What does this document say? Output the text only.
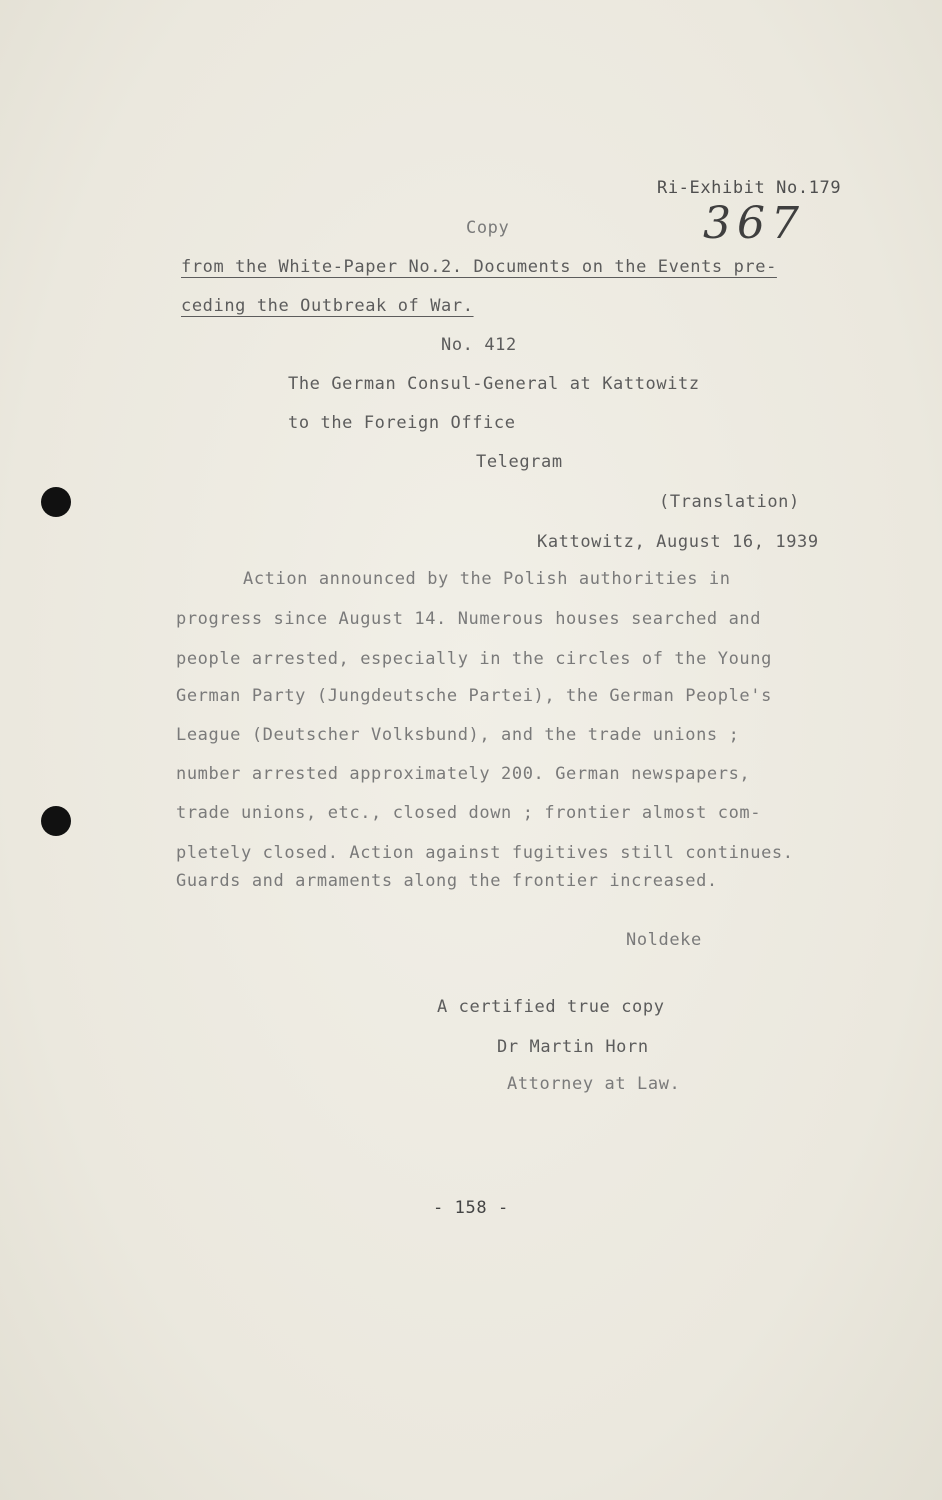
Ri-Exhibit No.179
367
Copy
from the White-Paper No.2. Documents on the Events pre-
ceding the Outbreak of War.
No. 412
The German Consul-General at Kattowitz
to the Foreign Office
Telegram
(Translation)
Kattowitz, August 16, 1939
Action announced by the Polish authorities in
progress since August 14. Numerous houses searched and
people arrested, especially in the circles of the Young
German Party (Jungdeutsche Partei), the German People's
League (Deutscher Volksbund), and the trade unions ;
number arrested approximately 200. German newspapers,
trade unions, etc., closed down ; frontier almost com-
pletely closed. Action against fugitives still continues.
Guards and armaments along the frontier increased.
Noldeke
A certified true copy
Dr Martin Horn
Attorney at Law.
- 158 -
